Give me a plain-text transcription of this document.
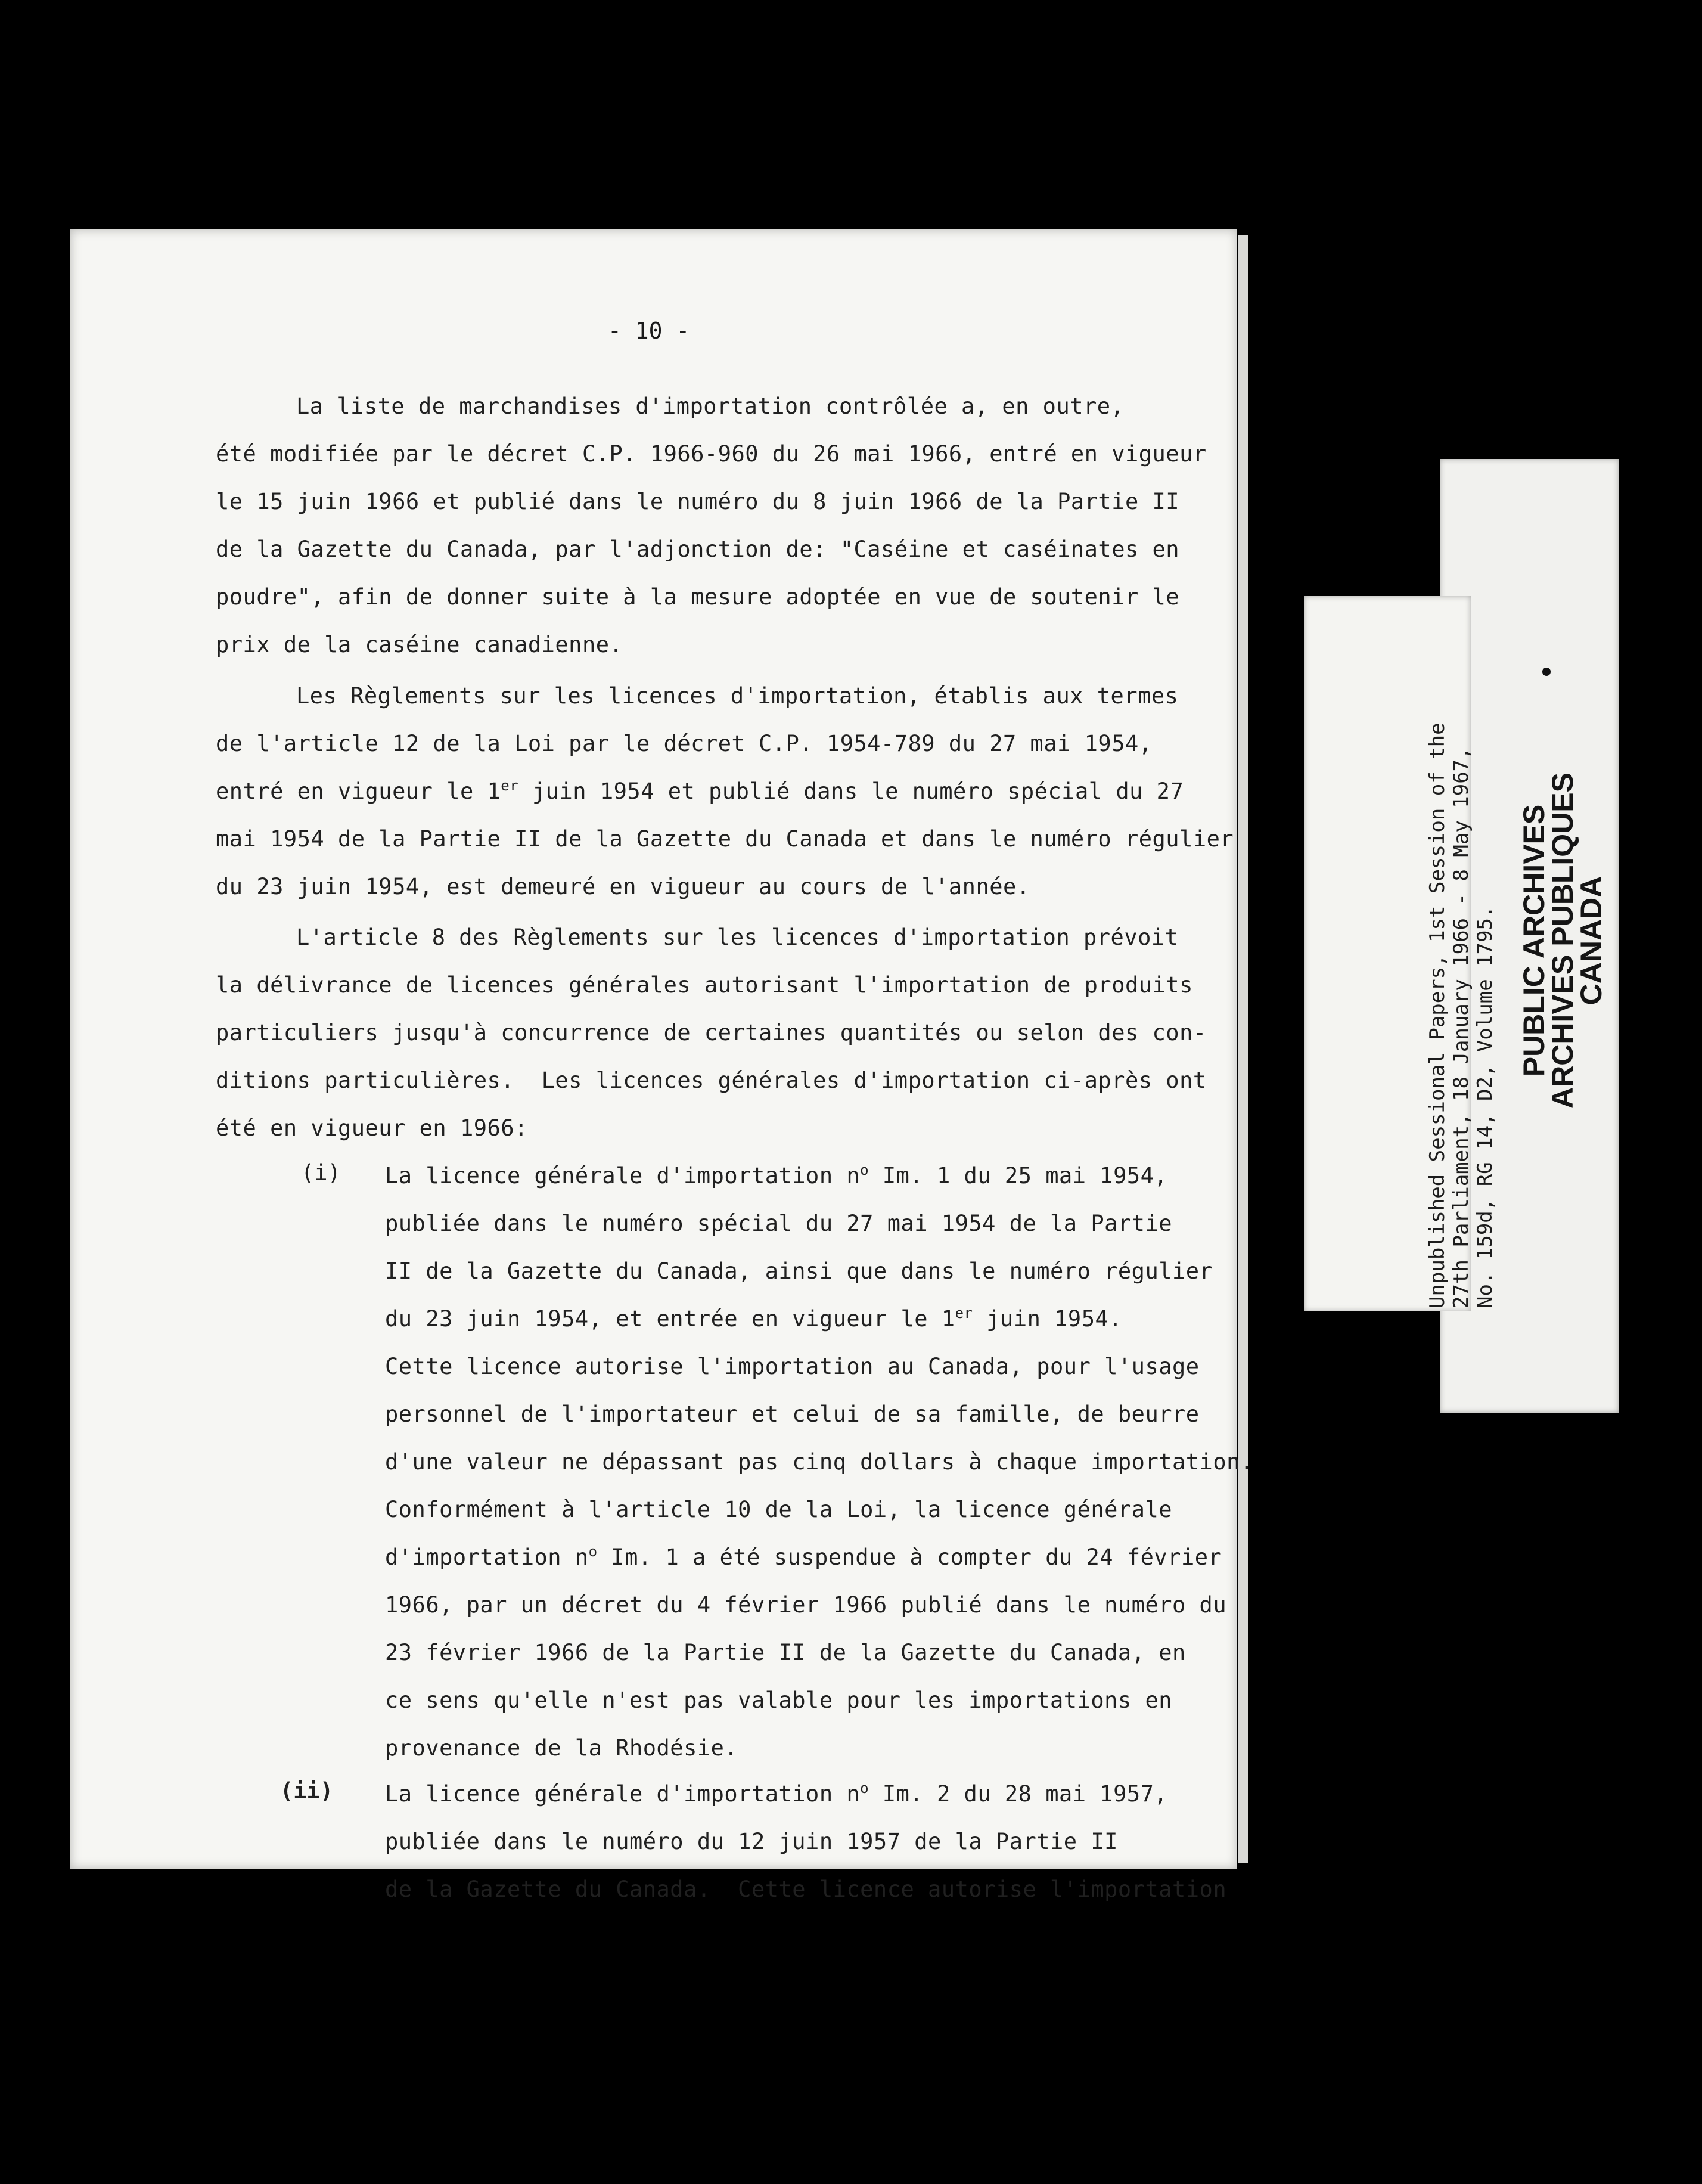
- 10 -
La liste de marchandises d'importation contrôlée a, en outre,
été modifiée par le décret C.P. 1966-960 du 26 mai 1966, entré en vigueur
le 15 juin 1966 et publié dans le numéro du 8 juin 1966 de la Partie II
de la Gazette du Canada, par l'adjonction de: "Caséine et caséinates en
poudre", afin de donner suite à la mesure adoptée en vue de soutenir le
prix de la caséine canadienne.
Les Règlements sur les licences d'importation, établis aux termes
de l'article 12 de la Loi par le décret C.P. 1954-789 du 27 mai 1954,
entré en vigueur le 1er juin 1954 et publié dans le numéro spécial du 27
mai 1954 de la Partie II de la Gazette du Canada et dans le numéro régulier
du 23 juin 1954, est demeuré en vigueur au cours de l'année.
L'article 8 des Règlements sur les licences d'importation prévoit
la délivrance de licences générales autorisant l'importation de produits
particuliers jusqu'à concurrence de certaines quantités ou selon des con-
ditions particulières.  Les licences générales d'importation ci-après ont
été en vigueur en 1966:
(i) La licence générale d'importation $n^o$ Im. 1 du 25 mai 1954,
publiée dans le numéro spécial du 27 mai 1954 de la Partie
II de la Gazette du Canada, ainsi que dans le numéro régulier
du 23 juin 1954, et entrée en vigueur le 1er juin 1954.
Cette licence autorise l'importation au Canada, pour l'usage
personnel de l'importateur et celui de sa famille, de beurre
d'une valeur ne dépassant pas cinq dollars à chaque importation.
Conformément à l'article 10 de la Loi, la licence générale
d'importation $n^o$ Im. 1 a été suspendue à compter du 24 février
1966, par un décret du 4 février 1966 publié dans le numéro du
23 février 1966 de la Partie II de la Gazette du Canada, en
ce sens qu'elle n'est pas valable pour les importations en
provenance de la Rhodésie.
(ii) La licence générale d'importation $n^o$ Im. 2 du 28 mai 1957,
publiée dans le numéro du 12 juin 1957 de la Partie II
de la Gazette du Canada.  Cette licence autorise l'importation
Unpublished Sessional Papers, 1st Session of the 27th Parliament, 18 January 1966 - 8 May 1967, No. 159d, RG 14, D2, Volume 1795. PUBLIC ARCHIVES
ARCHIVES PUBLIQUES
CANADA
